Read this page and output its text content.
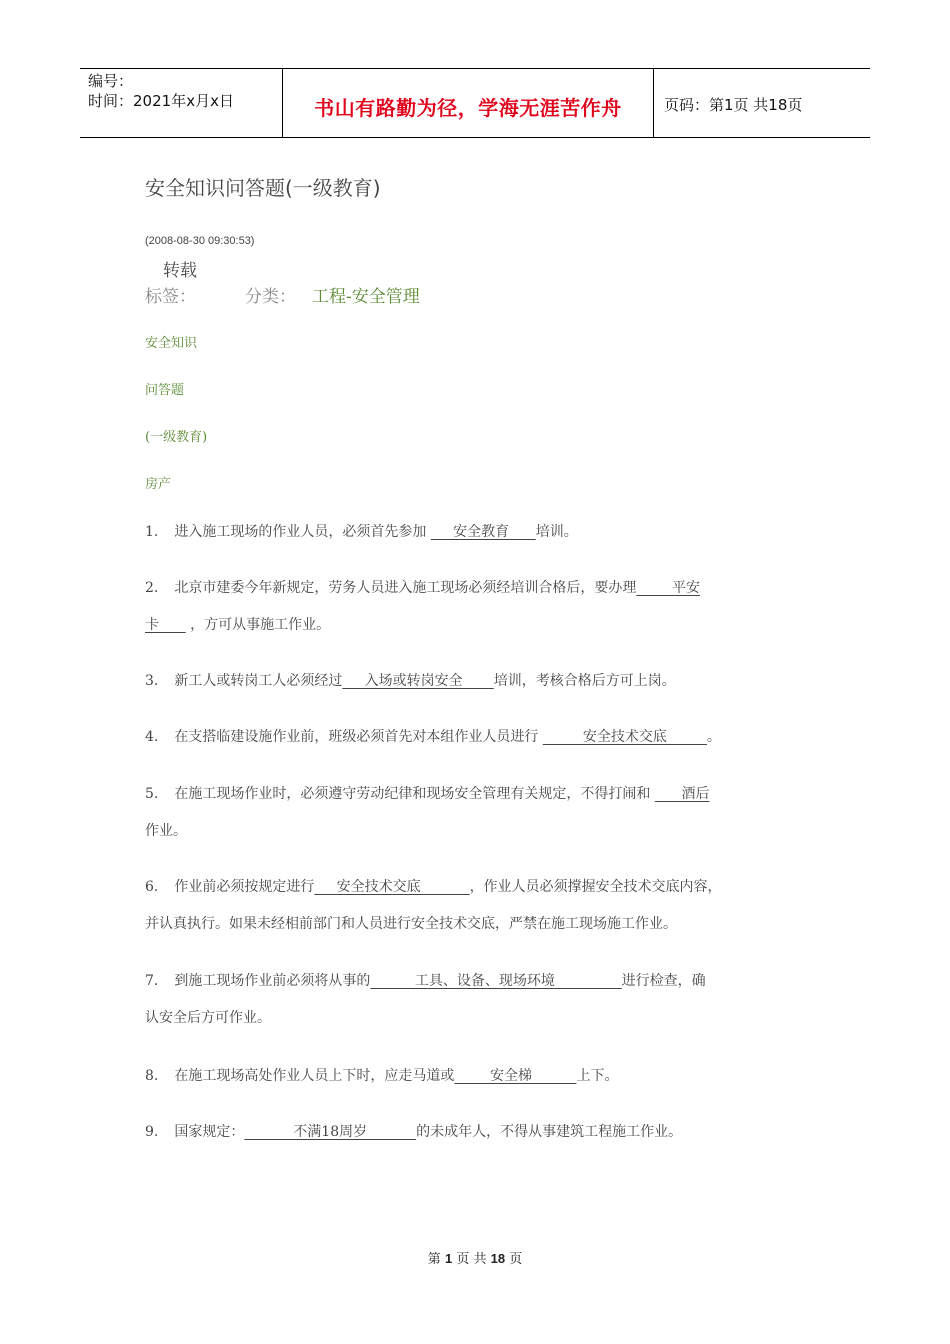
编号：
时间：2021年x月x日	书山有路勤为径，学海无涯苦作舟	页码：第1页 共18页
安全知识问答题(一级教育)
(2008-08-30 09:30:53)
转载
标签：	分类： 工程-安全管理
安全知识
问答题
(一级教育)
房产
1. 进入施工现场的作业人员，必须首先参加      安全教育      培训。
2. 北京市建委今年新规定，劳务人员进入施工现场必须经培训合格后，要办理        平安
卡       ，方可从事施工作业。
3. 新工人或转岗工人必须经过     入场或转岗安全       培训，考核合格后方可上岗。
4. 在支搭临建设施作业前，班级必须首先对本组作业人员进行          安全技术交底         。
5. 在施工现场作业时，必须遵守劳动纪律和现场安全管理有关规定，不得打闹和       酒后
作业。
6. 作业前必须按规定进行     安全技术交底           ，作业人员必须撑握安全技术交底内容，
并认真执行。如果未经相前部门和人员进行安全技术交底，严禁在施工现场施工作业。
7. 到施工现场作业前必须将从事的          工具、设备、现场环境               进行检查，确
认安全后方可作业。
8. 在施工现场高处作业人员上下时，应走马道或        安全梯          上下。
9. 国家规定：           不满18周岁           的未成年人，不得从事建筑工程施工作业。
第 1 页 共 18 页
